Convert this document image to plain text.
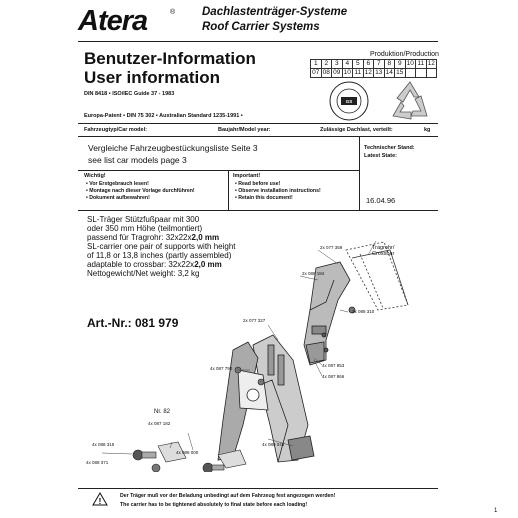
Atera	® Dachlastenträger-Systeme
Roof Carrier Systems
Benutzer-Information
User information
DIN 8418 • ISO/IEC Guide 37 - 1983
Europa-Patent • DIN 75 302 • Australian Standard 1235-1991 •
Produktion/Production
1	2	3	4	5	6	7	8	9	10	11	12
07	08	09	10	11	12	13	14	15			
GS
Fahrzeugtyp/Car model:	Baujahr/Model year:	Zulässige Dachlast, verteilt:	kg
Vergleiche Fahrzeugbestückungsliste Seite 3
see list car models page 3
Technischer Stand:
Latest State:
16.04.96
Wichtig!
• Vor Erstgebrauch lesen!
• Montage nach dieser Vorlage durchführen!
• Dokument aufbewahren!
Important!
• Read before use!
• Observe installation instructions!
• Retain this document!
SL-Träger Stützfußpaar mit 300
oder 350 mm Höhe (teilmontiert)
passend für Tragrohr: 32x22x2,0 mm
SL-carrier one pair of supports with height
of 11,8 or 13,8 inches (partly assembled)
adaptable to crossbar: 32x22x2,0 mm
Nettogewicht/Net weight: 3,2 kg
Art.-Nr.: 081 979
Tragrohr/
Crossbar
2x 077 359
2x 088 184
2x 088 310
2x 077 327
4x 087 790
4x 087 853
4x 087 866
Nr. 82
4x 087 182
4x 088 315
4x 088 000
4x 088 371
4x 088 046
!
Der Träger muß vor der Beladung unbedingt auf dem Fahrzeug fest angezogen werden!
The carrier has to be tightened absolutely to final state before each loading!
1
